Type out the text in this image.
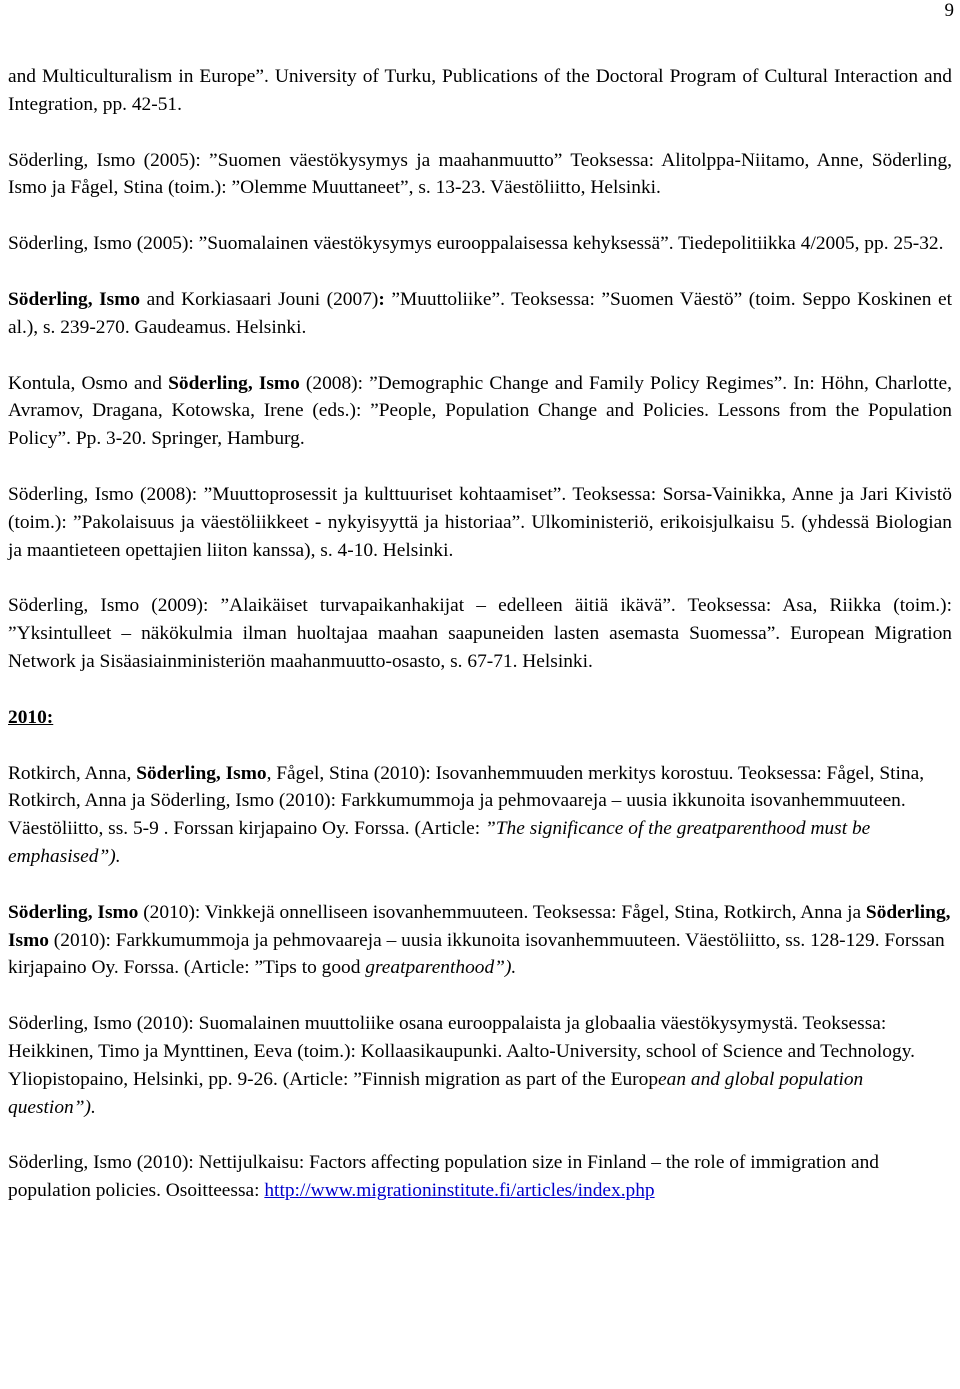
9

and Multiculturalism in Europe”. University of Turku, Publications of the Doctoral Program of Cultural Interaction and Integration, pp. 42-51.

Söderling, Ismo (2005): ”Suomen väestökysymys ja maahanmuutto” Teoksessa: Alitolppa-Niitamo, Anne, Söderling, Ismo ja Fågel, Stina (toim.): ”Olemme Muuttaneet”, s. 13-23. Väestöliitto, Helsinki.

Söderling, Ismo (2005): ”Suomalainen väestökysymys eurooppalaisessa kehyksessä”. Tiedepolitiikka 4/2005, pp. 25-32.

Söderling, Ismo and Korkiasaari Jouni (2007): ”Muuttoliike”. Teoksessa: ”Suomen Väestö” (toim. Seppo Koskinen et al.), s. 239-270. Gaudeamus. Helsinki.

Kontula, Osmo and Söderling, Ismo (2008): ”Demographic Change and Family Policy Regimes”. In: Höhn, Charlotte, Avramov, Dragana, Kotowska, Irene (eds.): ”People, Population Change and Policies. Lessons from the Population Policy”. Pp. 3-20. Springer, Hamburg.

Söderling, Ismo (2008): ”Muuttoprosessit ja kulttuuriset kohtaamiset”. Teoksessa: Sorsa-Vainikka, Anne ja Jari Kivistö (toim.): ”Pakolaisuus ja väestöliikkeet - nykyisyyttä ja historiaa”. Ulkoministeriö, erikoisjulkaisu 5. (yhdessä Biologian ja maantieteen opettajien liiton kanssa), s. 4-10. Helsinki.

Söderling, Ismo (2009): ”Alaikäiset turvapaikanhakijat – edelleen äitiä ikävä”. Teoksessa: Asa, Riikka (toim.): ”Yksintulleet – näkökulmia ilman huoltajaa maahan saapuneiden lasten asemasta Suomessa”. European Migration Network ja Sisäasiainministeriön maahanmuutto-osasto, s. 67-71. Helsinki.

2010:

Rotkirch, Anna, Söderling, Ismo, Fågel, Stina (2010): Isovanhemmuuden merkitys korostuu. Teoksessa: Fågel, Stina, Rotkirch, Anna ja Söderling, Ismo (2010): Farkkumummoja ja pehmovaareja – uusia ikkunoita isovanhemmuuteen. Väestöliitto, ss. 5-9 . Forssan kirjapaino Oy. Forssa. (Article: ”The significance of the greatparenthood must be emphasised”).

Söderling, Ismo (2010): Vinkkejä onnelliseen isovanhemmuuteen. Teoksessa: Fågel, Stina, Rotkirch, Anna ja Söderling, Ismo (2010): Farkkumummoja ja pehmovaareja – uusia ikkunoita isovanhemmuuteen. Väestöliitto, ss. 128-129. Forssan kirjapaino Oy. Forssa. (Article: ”Tips to good greatparenthood”).

Söderling, Ismo (2010): Suomalainen muuttoliike osana eurooppalaista ja globaalia väestökysymystä. Teoksessa: Heikkinen, Timo ja Mynttinen, Eeva (toim.): Kollaasikaupunki. Aalto-University, school of Science and Technology. Yliopistopaino, Helsinki, pp. 9-26. (Article: ”Finnish migration as part of the European and global population question”).

Söderling, Ismo (2010): Nettijulkaisu: Factors affecting population size in Finland – the role of immigration and population policies. Osoitteessa: http://www.migrationinstitute.fi/articles/index.php
